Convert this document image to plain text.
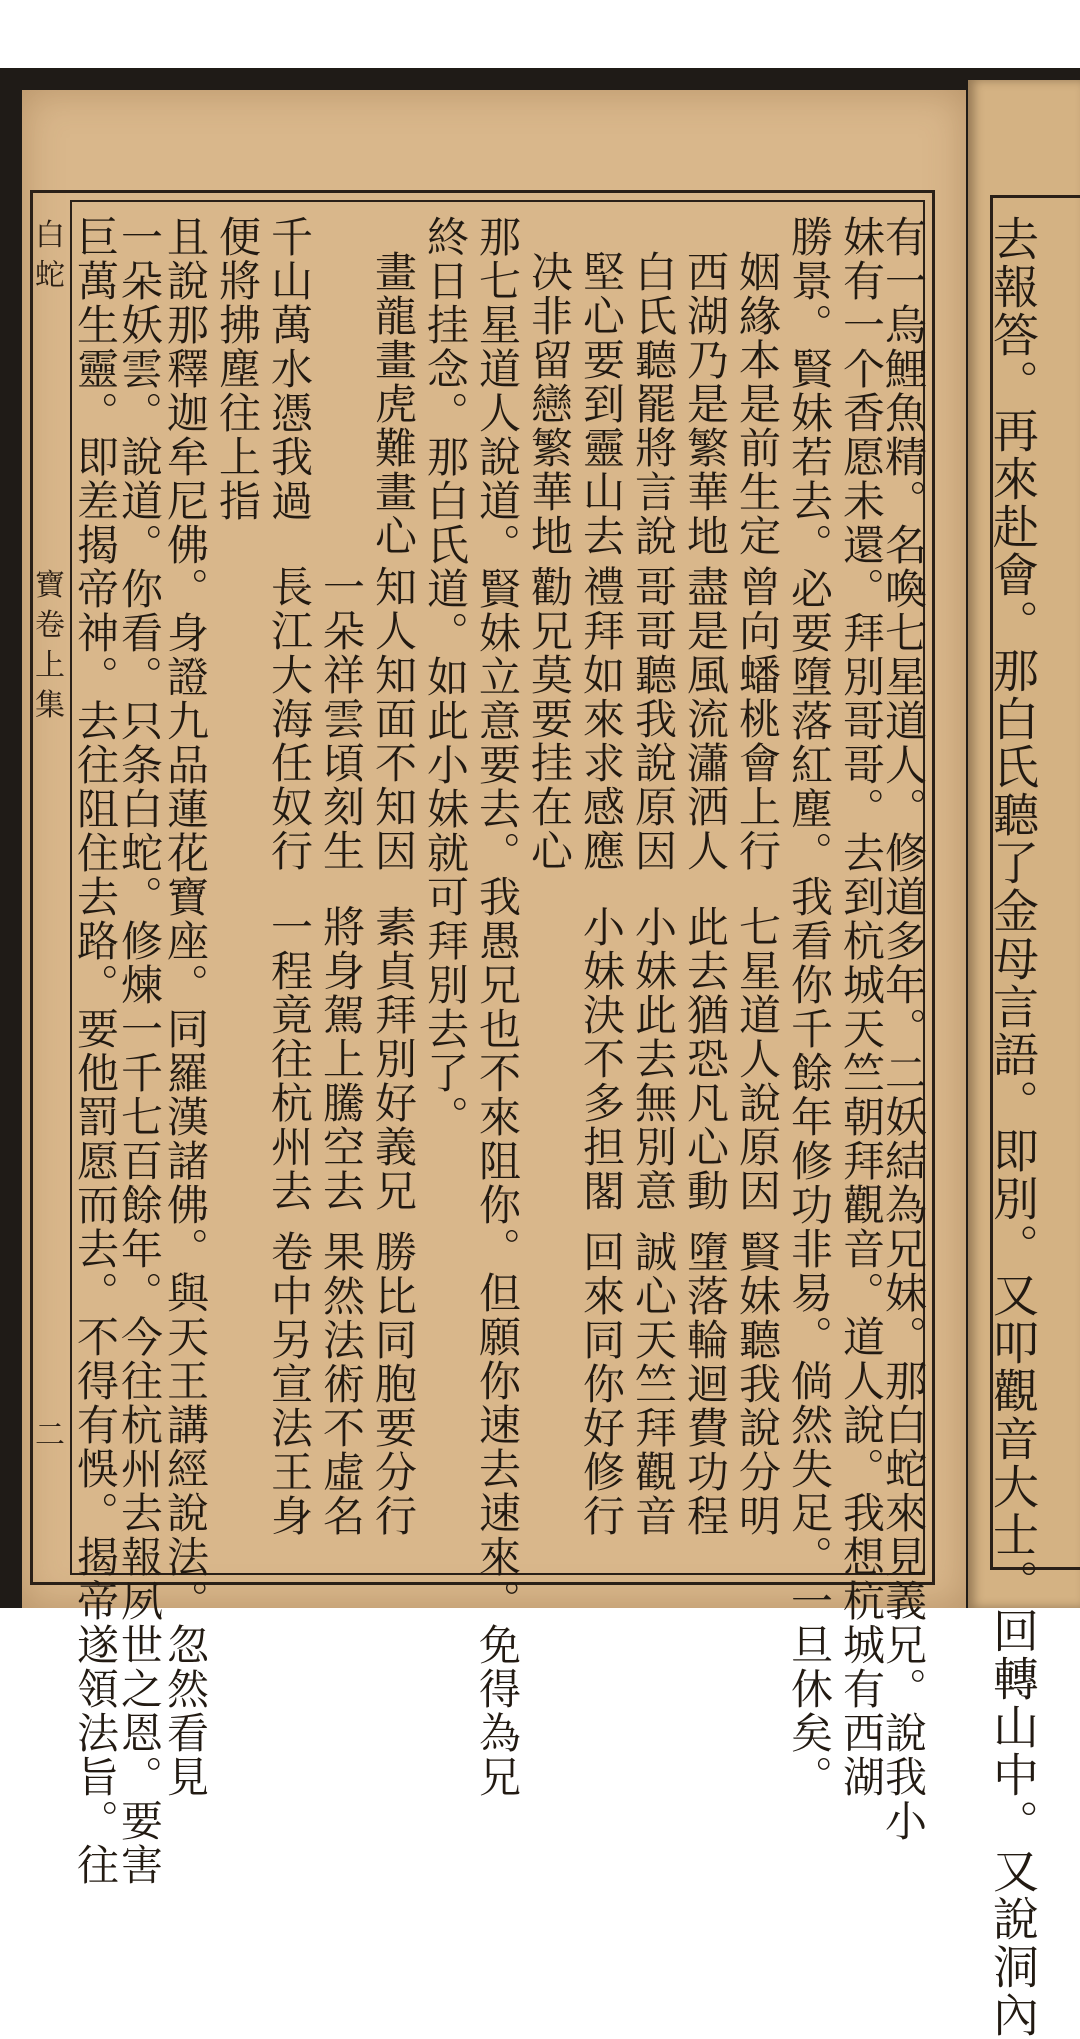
白
蛇
寶
卷
上
集
二	有一烏鯉魚精。名喚七星道人。修道多年。二妖結為兄妹。那白蛇來見義兄。說我小
妹有一个香愿未還。拜別哥哥。去到杭城天竺朝拜觀音。道人說。我想杭城有西湖
勝景。賢妹若去。必要墮落紅塵。我看你千餘年修功非易。倘然失足。一旦休矣。
姻緣本是前生定
曾向蟠桃會上行
七星道人說原因
賢妹聽我說分明
西湖乃是繁華地
盡是風流瀟洒人
此去猶恐凡心動
墮落輪迴費功程
白氏聽罷將言說
哥哥聽我說原因
小妹此去無別意
誠心天竺拜觀音
堅心要到靈山去
禮拜如來求感應
小妹決不多担閣
回來同你好修行
决非留戀繁華地
勸兄莫要挂在心
那七星道人說道。賢妹立意要去。我愚兄也不來阻你。但願你速去速來。免得為兄
終日挂念。那白氏道。如此小妹就可拜別去了。
畫龍畫虎難畫心
知人知面不知因
素貞拜別好義兄
勝比同胞要分行
一朵祥雲頃刻生
將身駕上騰空去
果然法術不虛名
千山萬水憑我過
長江大海任奴行
一程竟往杭州去
卷中另宣法王身
便將拂塵往上指
且說那釋迦牟尼佛。身證九品蓮花寶座。同羅漢諸佛。與天王講經說法。忽然看見
一朵妖雲。說道。你看。只条白蛇。修煉一千七百餘年。今往杭州去報夙世之恩。要害	去報答。再來赴會。那白氏聽了金母言語。即別。又叩觀音大士。回轉山中。又說洞內
巨萬生靈。即差揭帝神。去往阻住去路。要他罰愿而去。不得有悞。揭帝遂領法旨。往
